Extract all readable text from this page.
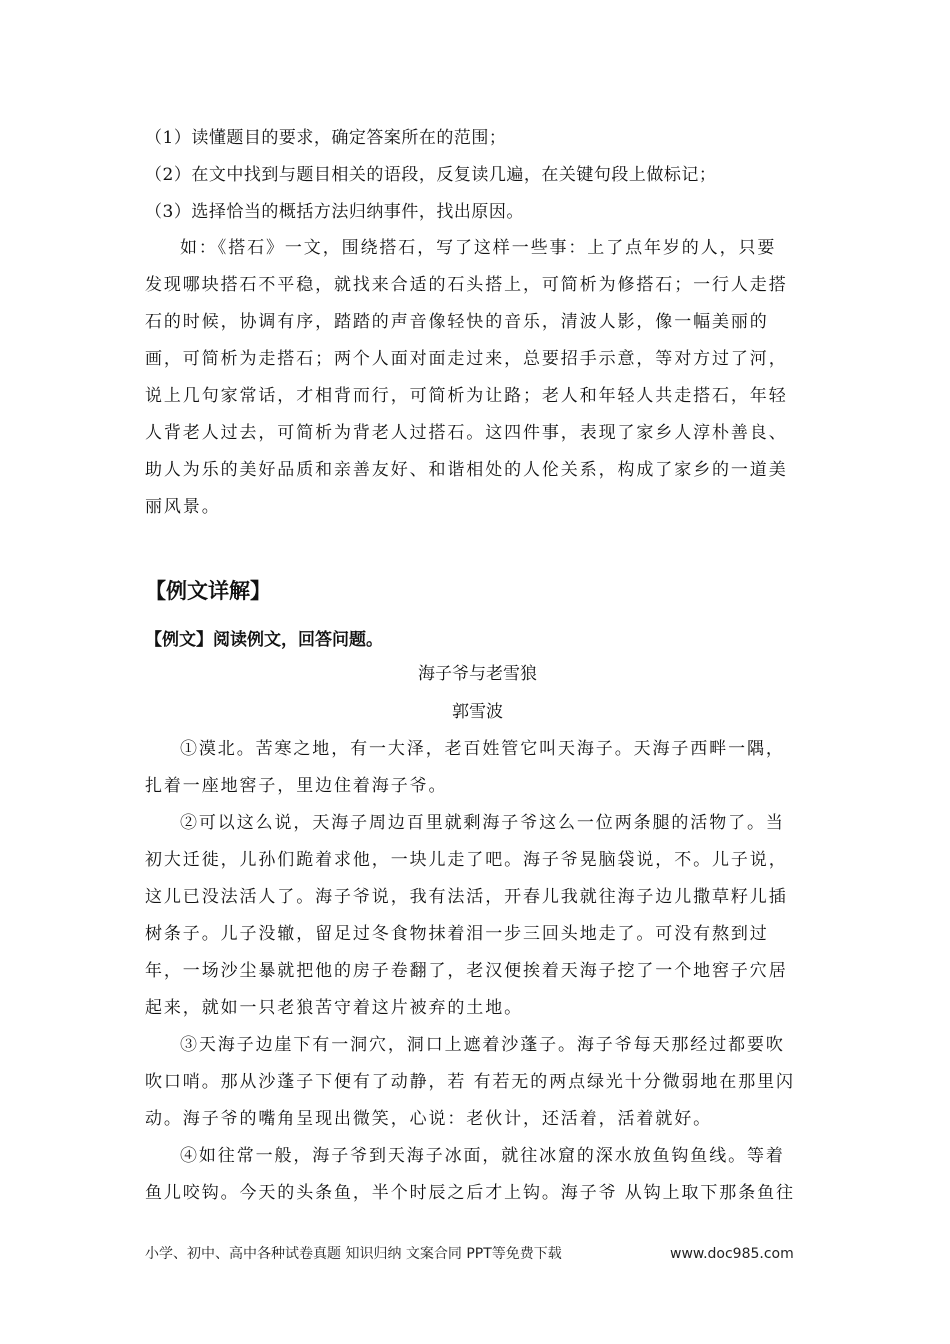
（1）读懂题目的要求，确定答案所在的范围；
（2）在文中找到与题目相关的语段，反复读几遍，在关键句段上做标记；
（3）选择恰当的概括方法归纳事件，找出原因。
如：《搭石》一文，围绕搭石，写了这样一些事：上了点年岁的人，只要
发现哪块搭石不平稳，就找来合适的石头搭上，可简析为修搭石；一行人走搭
石的时候，协调有序，踏踏的声音像轻快的音乐，清波人影，像一幅美丽的
画，可简析为走搭石；两个人面对面走过来，总要招手示意，等对方过了河，
说上几句家常话，才相背而行，可简析为让路；老人和年轻人共走搭石，年轻
人背老人过去，可简析为背老人过搭石。这四件事，表现了家乡人淳朴善良、
助人为乐的美好品质和亲善友好、和谐相处的人伦关系，构成了家乡的一道美
丽风景。
【例文详解】
【例文】阅读例文，回答问题。
海子爷与老雪狼
郭雪波
①漠北。苦寒之地，有一大泽，老百姓管它叫天海子。天海子西畔一隅，
扎着一座地窖子，里边住着海子爷。
②可以这么说，天海子周边百里就剩海子爷这么一位两条腿的活物了。当
初大迁徙，儿孙们跪着求他，一块儿走了吧。海子爷晃脑袋说，不。儿子说，
这儿已没法活人了。海子爷说，我有法活，开春儿我就往海子边儿撒草籽儿插
树条子。儿子没辙，留足过冬食物抹着泪一步三回头地走了。可没有熬到过
年，一场沙尘暴就把他的房子卷翻了，老汉便挨着天海子挖了一个地窖子穴居
起来，就如一只老狼苦守着这片被弃的土地。
③天海子边崖下有一洞穴，洞口上遮着沙蓬子。海子爷每天那经过都要吹
吹口哨。那从沙蓬子下便有了动静，若 有若无的两点绿光十分微弱地在那里闪
动。海子爷的嘴角呈现出微笑，心说：老伙计，还活着，活着就好。
④如往常一般，海子爷到天海子冰面，就往冰窟的深水放鱼钩鱼线。等着
鱼儿咬钩。今天的头条鱼，半个时辰之后才上钩。海子爷 从钩上取下那条鱼往
小学、初中、高中各种试卷真题 知识归纳 文案合同 PPT等免费下载	www.doc985.com
